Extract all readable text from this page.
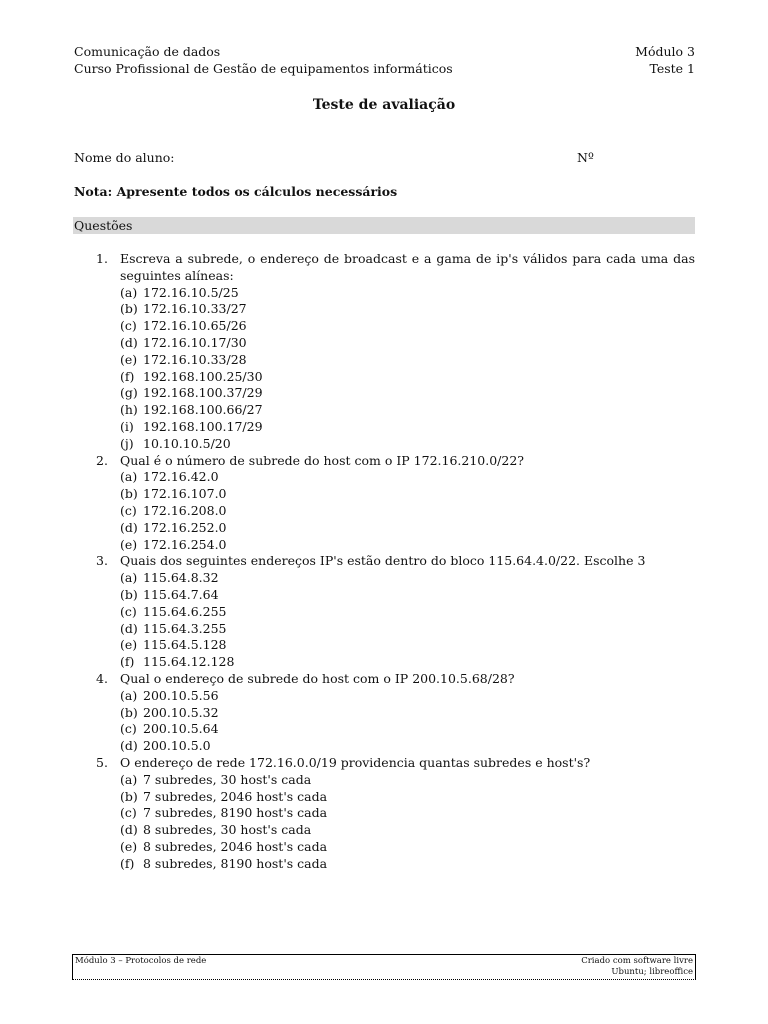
Comunicação de dados	Módulo 3
Curso Profissional de Gestão de equipamentos informáticos	Teste 1
Teste de avaliação
Nome do aluno:	Nº
Nota: Apresente todos os cálculos necessários
Questões
1. Escreva a subrede, o endereço de broadcast e a gama de ip's válidos para cada uma das seguintes alíneas:
(a) 172.16.10.5/25
(b) 172.16.10.33/27
(c) 172.16.10.65/26
(d) 172.16.10.17/30
(e) 172.16.10.33/28
(f) 192.168.100.25/30
(g) 192.168.100.37/29
(h) 192.168.100.66/27
(i) 192.168.100.17/29
(j) 10.10.10.5/20
2. Qual é o número de subrede do host com o IP 172.16.210.0/22?
(a) 172.16.42.0
(b) 172.16.107.0
(c) 172.16.208.0
(d) 172.16.252.0
(e) 172.16.254.0
3. Quais dos seguintes endereços IP's estão dentro do bloco 115.64.4.0/22. Escolhe 3
(a) 115.64.8.32
(b) 115.64.7.64
(c) 115.64.6.255
(d) 115.64.3.255
(e) 115.64.5.128
(f) 115.64.12.128
4. Qual o endereço de subrede do host com o IP 200.10.5.68/28?
(a) 200.10.5.56
(b) 200.10.5.32
(c) 200.10.5.64
(d) 200.10.5.0
5. O endereço de rede 172.16.0.0/19 providencia quantas subredes e host's?
(a) 7 subredes, 30 host's cada
(b) 7 subredes, 2046 host's cada
(c) 7 subredes, 8190 host's cada
(d) 8 subredes, 30 host's cada
(e) 8 subredes, 2046 host's cada
(f) 8 subredes, 8190 host's cada
Módulo 3 – Protocolos de rede	Criado com software livre
Ubuntu; libreoffice
